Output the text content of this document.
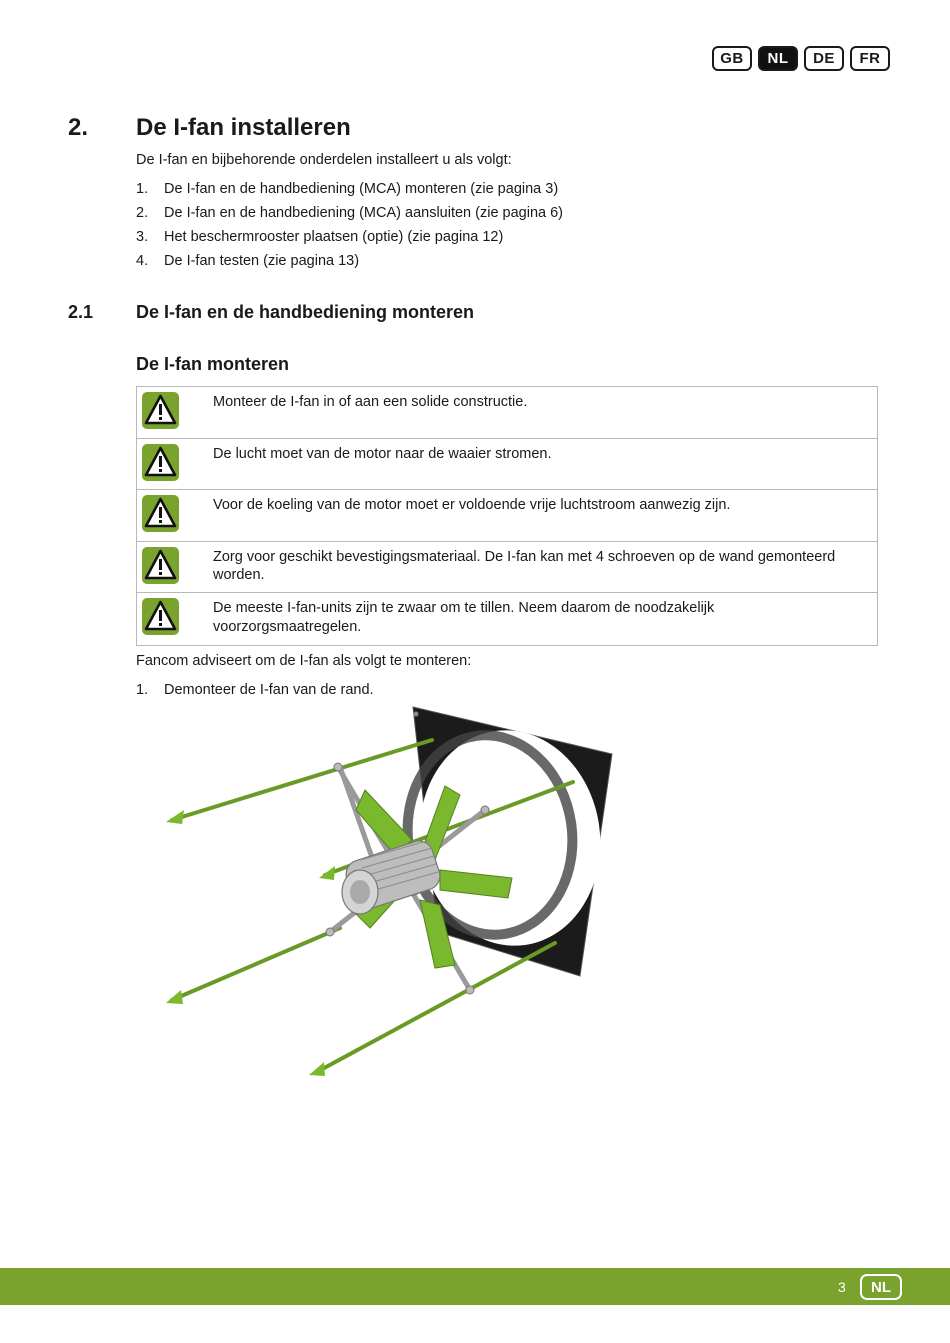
GB	NL	DE	FR
2. De I-fan installeren
De I-fan en bijbehorende onderdelen installeert u als volgt:
1.	De I-fan en de handbediening (MCA) monteren (zie pagina 3)
2.	De I-fan en de handbediening (MCA) aansluiten (zie pagina 6)
3.	Het beschermrooster plaatsen (optie) (zie pagina 12)
4.	De I-fan testen (zie pagina 13)
2.1 De I-fan en de handbediening monteren
De I-fan monteren
Monteer de I-fan in of aan een solide constructie.
De lucht moet van de motor naar de waaier stromen.
Voor de koeling van de motor moet er voldoende vrije luchtstroom aanwezig zijn.
Zorg voor geschikt bevestigingsmateriaal. De I-fan kan met 4 schroeven op de wand gemonteerd worden.
De meeste I-fan-units zijn te zwaar om te tillen. Neem daarom de noodzakelijk voorzorgsmaatregelen.
Fancom adviseert om de I-fan als volgt te monteren:
1. Demonteer de I-fan van de rand.
3	NL
